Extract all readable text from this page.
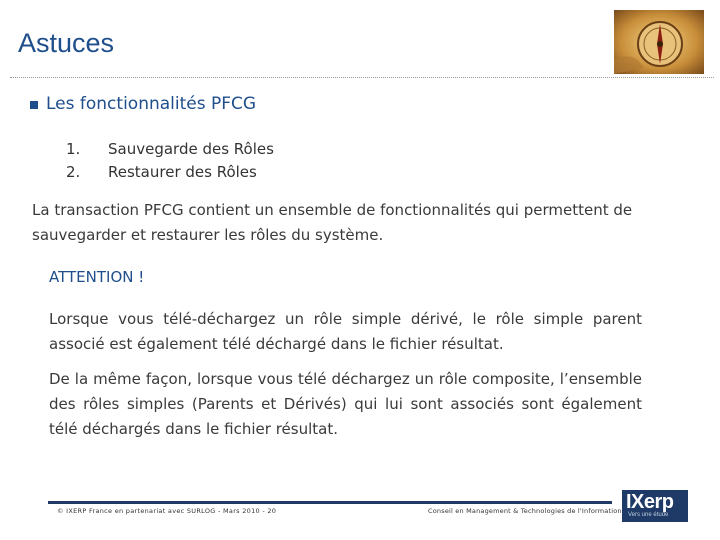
Astuces
Les fonctionnalités PFCG
1.	Sauvegarde des Rôles
2.	Restaurer des Rôles
La transaction PFCG contient un ensemble de fonctionnalités qui permettent de sauvegarder et restaurer les rôles du système.
ATTENTION !
Lorsque vous télé-déchargez un rôle simple dérivé, le rôle simple parent associé est également télé déchargé dans le fichier résultat.
De la même façon, lorsque vous télé déchargez un rôle composite, l’ensemble des rôles simples (Parents et Dérivés) qui lui sont associés sont également télé déchargés dans le fichier résultat.
© IXERP France en partenariat avec SURLOG - Mars 2010 - 20	Conseil en Management & Technologies de l'Information IXerp
Vers une étude
